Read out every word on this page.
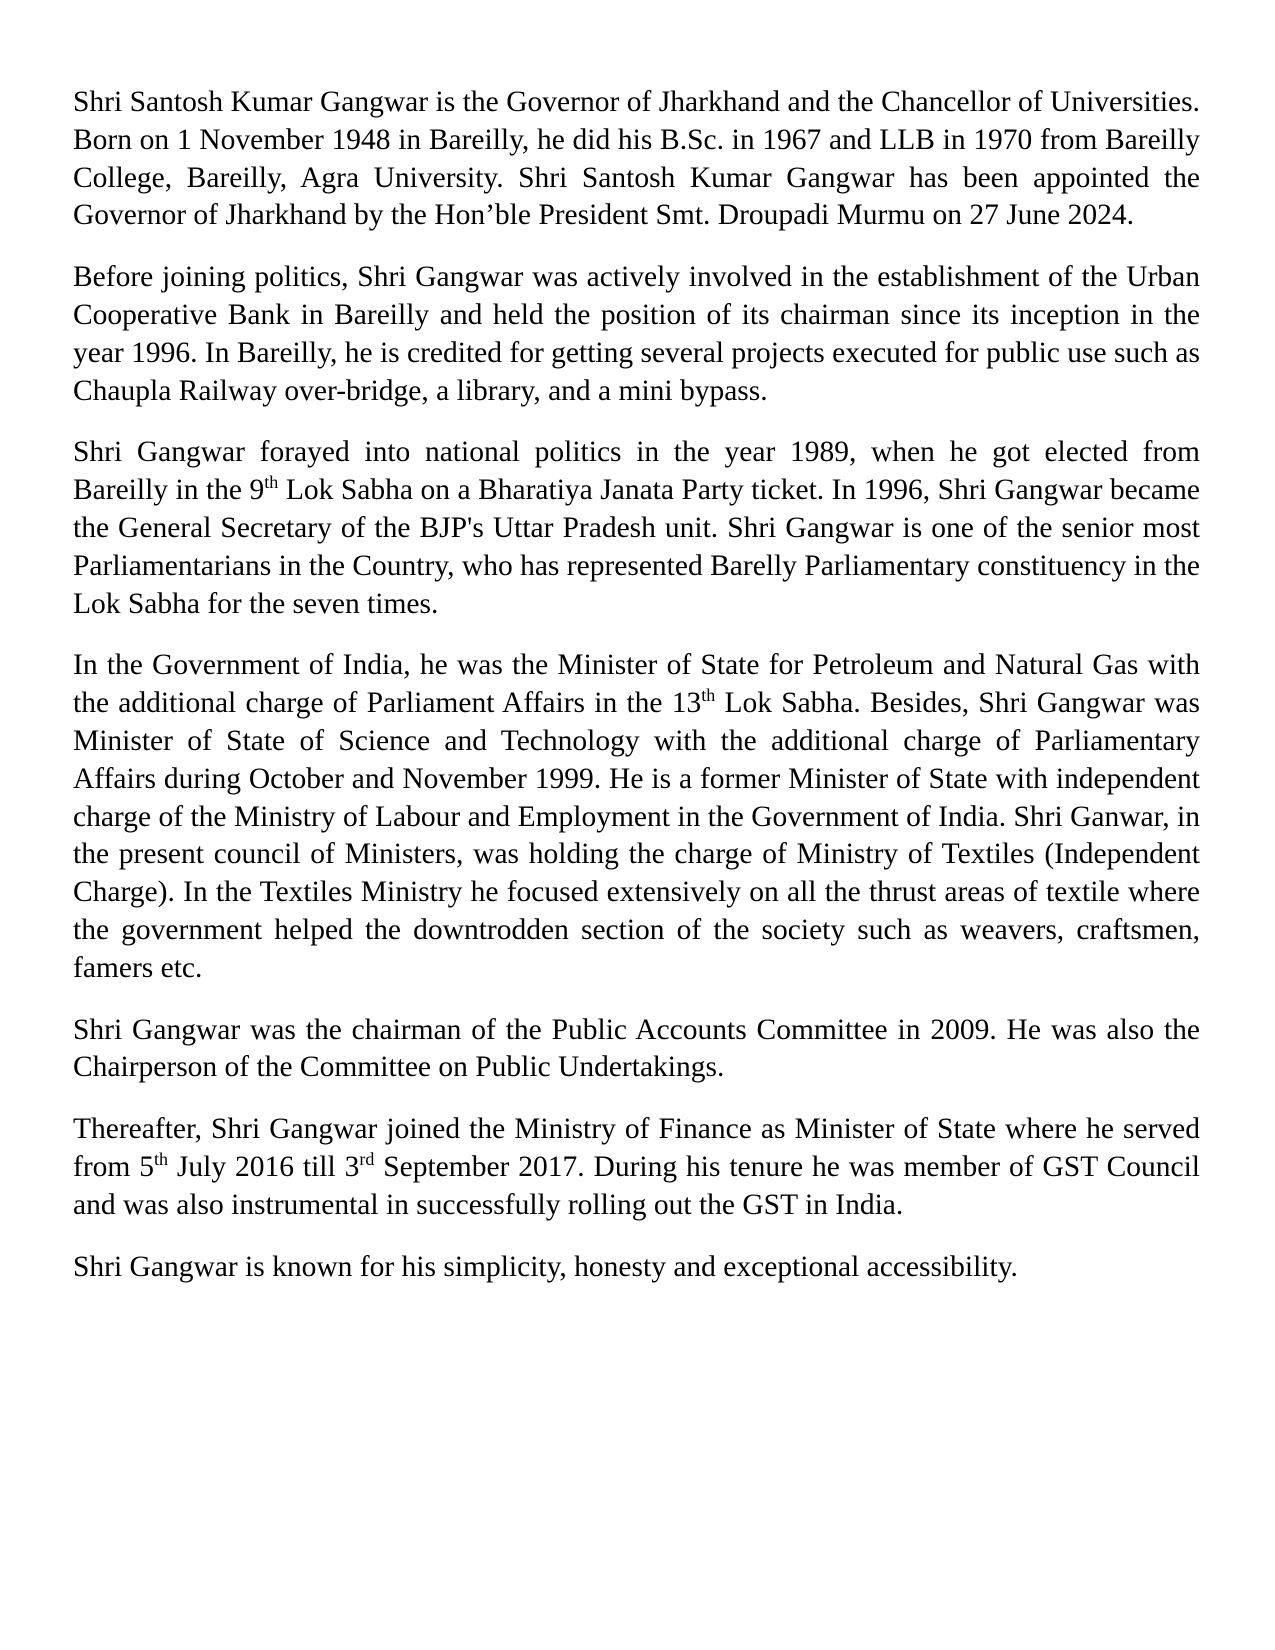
Shri Santosh Kumar Gangwar is the Governor of Jharkhand and the Chancellor of Universities. Born on 1 November 1948 in Bareilly, he did his B.Sc. in 1967 and LLB in 1970 from Bareilly College, Bareilly, Agra University. Shri Santosh Kumar Gangwar has been appointed the Governor of Jharkhand by the Hon’ble President Smt. Droupadi Murmu on 27 June 2024.

Before joining politics, Shri Gangwar was actively involved in the establishment of the Urban Cooperative Bank in Bareilly and held the position of its chairman since its inception in the year 1996. In Bareilly, he is credited for getting several projects executed for public use such as Chaupla Railway over-bridge, a library, and a mini bypass.

Shri Gangwar forayed into national politics in the year 1989, when he got elected from Bareilly in the 9th Lok Sabha on a Bharatiya Janata Party ticket. In 1996, Shri Gangwar became the General Secretary of the BJP's Uttar Pradesh unit. Shri Gangwar is one of the senior most Parliamentarians in the Country, who has represented Barelly Parliamentary constituency in the Lok Sabha for the seven times.

In the Government of India, he was the Minister of State for Petroleum and Natural Gas with the additional charge of Parliament Affairs in the 13th Lok Sabha. Besides, Shri Gangwar was Minister of State of Science and Technology with the additional charge of Parliamentary Affairs during October and November 1999. He is a former Minister of State with independent charge of the Ministry of Labour and Employment in the Government of India. Shri Ganwar, in the present council of Ministers, was holding the charge of Ministry of Textiles (Independent Charge). In the Textiles Ministry he focused extensively on all the thrust areas of textile where the government helped the downtrodden section of the society such as weavers, craftsmen, famers etc.

Shri Gangwar was the chairman of the Public Accounts Committee in 2009. He was also the Chairperson of the Committee on Public Undertakings.

Thereafter, Shri Gangwar joined the Ministry of Finance as Minister of State where he served from 5th July 2016 till 3rd September 2017. During his tenure he was member of GST Council and was also instrumental in successfully rolling out the GST in India.

Shri Gangwar is known for his simplicity, honesty and exceptional accessibility.
